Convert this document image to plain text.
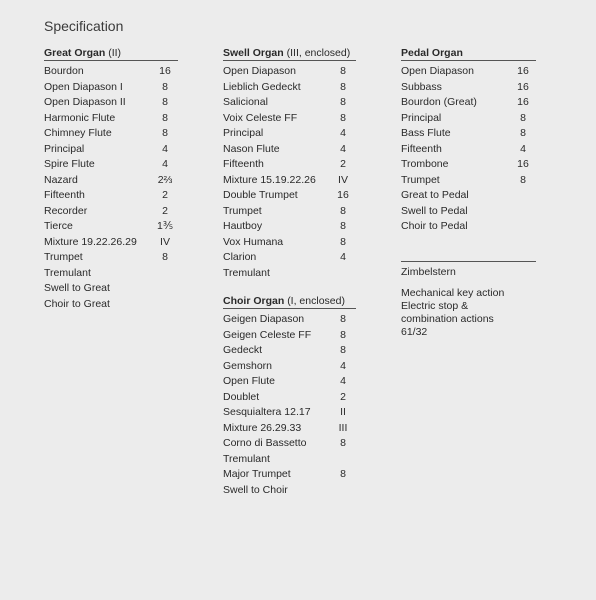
Specification
Great Organ (II)
Bourdon	16
Open Diapason I	8
Open Diapason II	8
Harmonic Flute	8
Chimney Flute	8
Principal	4
Spire Flute	4
Nazard	2⅔
Fifteenth	2
Recorder	2
Tierce	1⅗
Mixture 19.22.26.29	IV
Trumpet	8
Tremulant
Swell to Great
Choir to Great
Swell Organ (III, enclosed)
Open Diapason	8
Lieblich Gedeckt	8
Salicional	8
Voix Celeste FF	8
Principal	4
Nason Flute	4
Fifteenth	2
Mixture 15.19.22.26	IV
Double Trumpet	16
Trumpet	8
Hautboy	8
Vox Humana	8
Clarion	4
Tremulant
Choir Organ (I, enclosed)
Geigen Diapason	8
Geigen Celeste FF	8
Gedeckt	8
Gemshorn	4
Open Flute	4
Doublet	2
Sesquialtera 12.17	II
Mixture 26.29.33	III
Corno di Bassetto	8
Tremulant
Major Trumpet	8
Swell to Choir
Pedal Organ
Open Diapason	16
Subbass	16
Bourdon (Great)	16
Principal	8
Bass Flute	8
Fifteenth	4
Trombone	16
Trumpet	8
Great to Pedal
Swell to Pedal
Choir to Pedal
Zimbelstern
Mechanical key action
Electric stop &
combination actions
61/32
